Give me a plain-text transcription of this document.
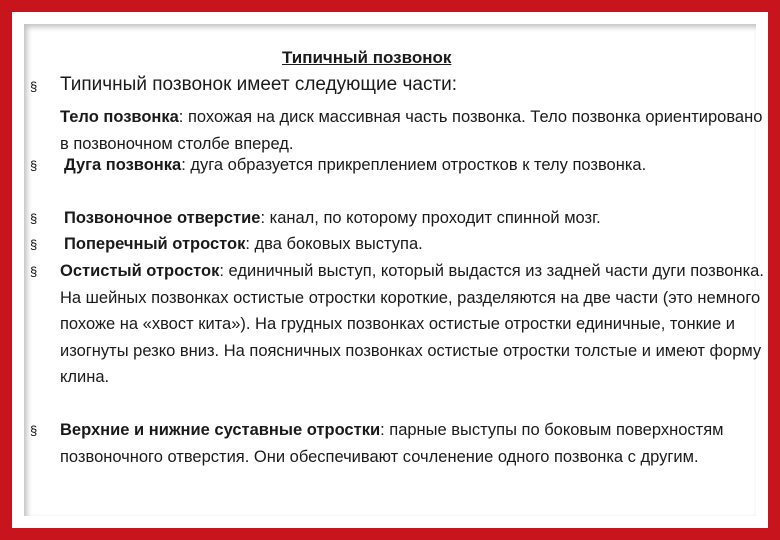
Типичный позвонок
§ Типичный позвонок имеет следующие части:
Тело позвонка: похожая на диск массивная часть позвонка. Тело позвонка ориентировано в позвоночном столбе вперед.
§ Дуга позвонка: дуга образуется прикреплением отростков к телу позвонка.
§ Позвоночное отверстие: канал, по которому проходит спинной мозг.
§ Поперечный отросток: два боковых выступа.
§ Остистый отросток: единичный выступ, который выдастся из задней части дуги позвонка. На шейных позвонках остистые отростки короткие, разделяются на две части (это немного похоже на «хвост кита»). На грудных позвонках остистые отростки единичные, тонкие и изогнуты резко вниз. На поясничных позвонках остистые отростки толстые и имеют форму клина.
§ Верхние и нижние суставные отростки: парные выступы по боковым поверхностям позвоночного отверстия. Они обеспечивают сочленение одного позвонка с другим.
